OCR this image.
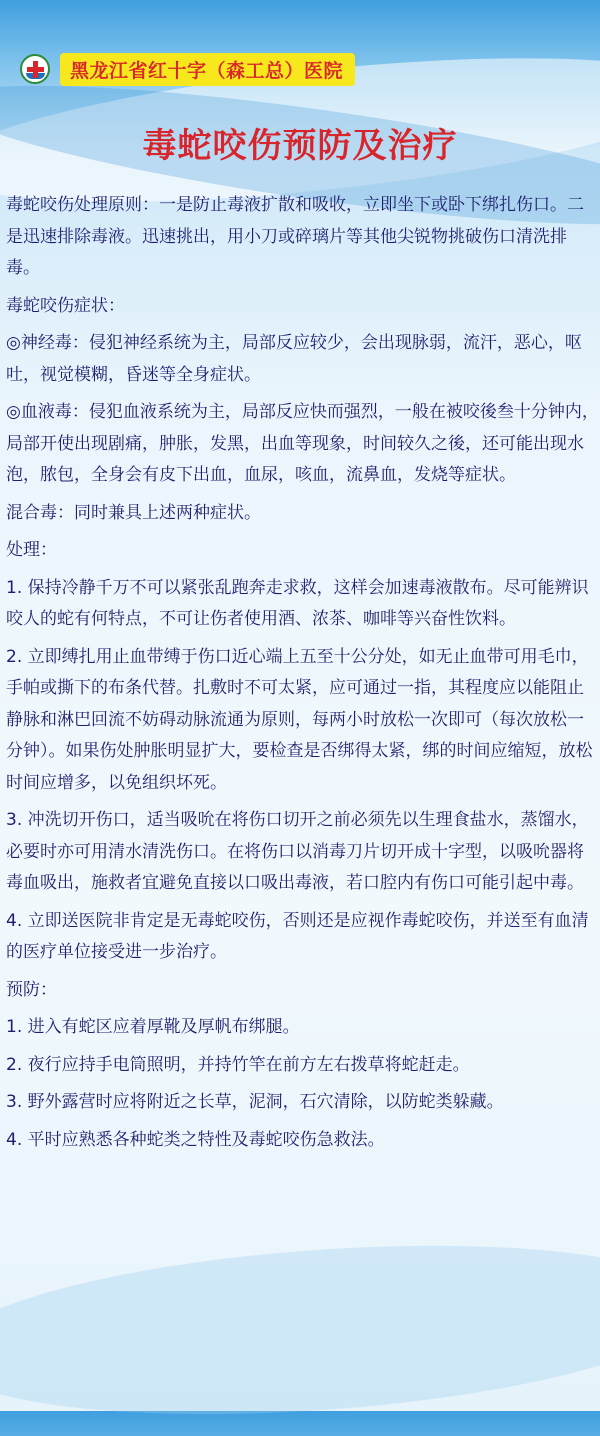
黑龙江省红十字（森工总）医院
毒蛇咬伤预防及治疗

毒蛇咬伤处理原则：一是防止毒液扩散和吸收，立即坐下或卧下绑扎伤口。二是迅速排除毒液。迅速挑出，用小刀或碎璃片等其他尖锐物挑破伤口清洗排毒。

毒蛇咬伤症状：

◎神经毒：侵犯神经系统为主，局部反应较少，会出现脉弱，流汗，恶心，呕吐，视觉模糊，昏迷等全身症状。

◎血液毒：侵犯血液系统为主，局部反应快而强烈，一般在被咬後叁十分钟内，局部开使出现剧痛，肿胀，发黑，出血等现象，时间较久之後，还可能出现水泡，脓包，全身会有皮下出血，血尿，咳血，流鼻血，发烧等症状。

混合毒：同时兼具上述两种症状。

处理：

1. 保持冷静千万不可以紧张乱跑奔走求救，这样会加速毒液散布。尽可能辨识咬人的蛇有何特点，不可让伤者使用酒、浓茶、咖啡等兴奋性饮料。

2. 立即缚扎用止血带缚于伤口近心端上五至十公分处，如无止血带可用毛巾，手帕或撕下的布条代替。扎敷时不可太紧，应可通过一指，其程度应以能阻止静脉和淋巴回流不妨碍动脉流通为原则，每两小时放松一次即可（每次放松一分钟）。如果伤处肿胀明显扩大，要检查是否绑得太紧，绑的时间应缩短，放松时间应增多，以免组织坏死。

3. 冲洗切开伤口，适当吸吮在将伤口切开之前必须先以生理食盐水，蒸馏水，必要时亦可用清水清洗伤口。在将伤口以消毒刀片切开成十字型，以吸吮器将毒血吸出，施救者宜避免直接以口吸出毒液，若口腔内有伤口可能引起中毒。

4. 立即送医院非肯定是无毒蛇咬伤，否则还是应视作毒蛇咬伤，并送至有血清的医疗单位接受进一步治疗。

预防：

1. 进入有蛇区应着厚靴及厚帆布绑腿。

2. 夜行应持手电筒照明，并持竹竿在前方左右拨草将蛇赶走。

3. 野外露营时应将附近之长草，泥洞，石穴清除，以防蛇类躲藏。

4. 平时应熟悉各种蛇类之特性及毒蛇咬伤急救法。
